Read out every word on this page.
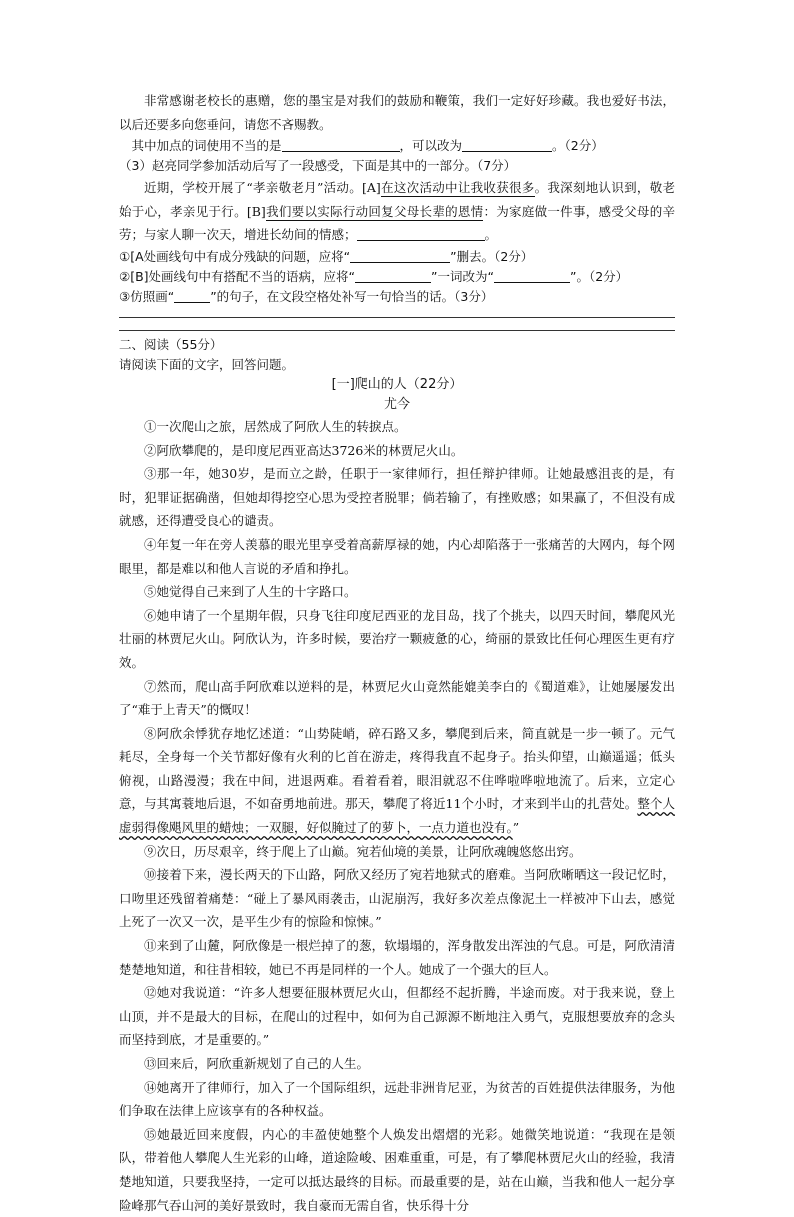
非常感谢老校长的惠赠，您的墨宝是对我们的鼓励和鞭策，我们一定好好珍藏。我也爱好书法，以后还要多向您垂问，请您不吝赐教。

其中加点的词使用不当的是	，可以改为	。（2分）

（3）赵亮同学参加活动后写了一段感受，下面是其中的一部分。（7分）

近期，学校开展了“孝亲敬老月”活动。[A]在这次活动中让我收获很多。我深刻地认识到，敬老始于心，孝亲见于行。[B]我们要以实际行动回复父母长辈的恩情：为家庭做一件事，感受父母的辛劳；与家人聊一次天，增进长幼间的情感；	。

①[A处画线句中有成分残缺的问题，应将“	”删去。（2分）

②[B]处画线句中有搭配不当的语病，应将“	”一词改为“	”。（2分）

③仿照画“	”的句子，在文段空格处补写一句恰当的话。（3分）

二、阅读（55分）

请阅读下面的文字，回答问题。

[一]爬山的人（22分）

尤今

①一次爬山之旅，居然成了阿欣人生的转捩点。

②阿欣攀爬的，是印度尼西亚高达3726米的林贾尼火山。

③那一年，她30岁，是而立之龄，任职于一家律师行，担任辩护律师。让她最感沮丧的是，有时，犯罪证据确凿，但她却得挖空心思为受控者脱罪；倘若输了，有挫败感；如果赢了，不但没有成就感，还得遭受良心的谴责。

④年复一年在旁人羡慕的眼光里享受着高薪厚禄的她，内心却陷落于一张痛苦的大网内，每个网眼里，都是难以和他人言说的矛盾和挣扎。

⑤她觉得自己来到了人生的十字路口。

⑥她申请了一个星期年假，只身飞往印度尼西亚的龙目岛，找了个挑夫，以四天时间，攀爬风光壮丽的林贾尼火山。阿欣认为，许多时候，要治疗一颗疲惫的心，绮丽的景致比任何心理医生更有疗效。

⑦然而，爬山高手阿欣难以逆料的是，林贾尼火山竟然能媲美李白的《蜀道难》，让她屡屡发出了“难于上青天”的慨叹！

⑧阿欣余悸犹存地忆述道：“山势陡峭，碎石路又多，攀爬到后来，简直就是一步一顿了。元气耗尽，全身每一个关节都好像有火利的匕首在游走，疼得我直不起身子。抬头仰望，山巅遥遥；低头俯视，山路漫漫；我在中间，进退两难。看着看着，眼泪就忍不住哗啦哗啦地流了。后来，立定心意，与其寓蓑地后退，不如奋勇地前进。那天，攀爬了将近11个小时，才来到半山的扎营处。整个人虚弱得像飓风里的蜡烛；一双腿，好似腌过了的萝卜，一点力道也没有。”

⑨次日，历尽艰辛，终于爬上了山巅。宛若仙境的美景，让阿欣魂魄悠悠出窍。

⑩接着下来，漫长两天的下山路，阿欣又经历了宛若地狱式的磨难。当阿欣晰晒这一段记忆时，口吻里还残留着痛楚：“碰上了暴风雨袭击，山泥崩泻，我好多次差点像泥土一样被冲下山去，感觉上死了一次又一次，是平生少有的惊险和惊悚。”

⑪来到了山麓，阿欣像是一根烂掉了的葱，软塌塌的，浑身散发出浑浊的气息。可是，阿欣清清楚楚地知道，和往昔相较，她已不再是同样的一个人。她成了一个强大的巨人。

⑫她对我说道：“许多人想要征服林贾尼火山，但都经不起折腾，半途而废。对于我来说，登上山顶，并不是最大的目标，在爬山的过程中，如何为自己源源不断地注入勇气，克服想要放弃的念头而坚持到底，才是重要的。”

⑬回来后，阿欣重新规划了自己的人生。

⑭她离开了律师行，加入了一个国际组织，远赴非洲肯尼亚，为贫苦的百姓提供法律服务，为他们争取在法律上应该享有的各种权益。

⑮她最近回来度假，内心的丰盈使她整个人焕发出熠熠的光彩。她微笑地说道：“我现在是领队，带着他人攀爬人生光彩的山峰，道途险峻、困难重重，可是，有了攀爬林贾尼火山的经验，我清楚地知道，只要我坚持，一定可以抵达最终的目标。而最重要的是，站在山巅，当我和他人一起分享险峰那气吞山河的美好景致时，我自豪而无需自省，快乐得十分
